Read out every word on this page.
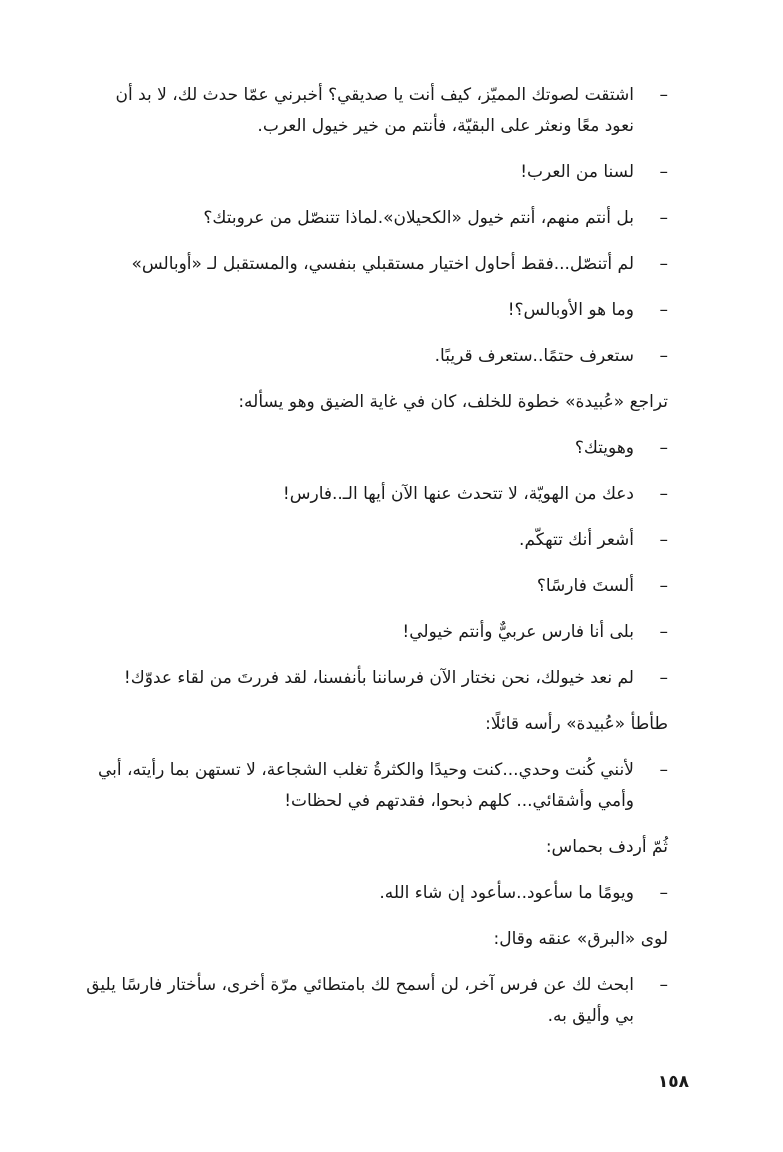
–
اشتقت لصوتك المميّز، كيف أنت يا صديقي؟ أخبرني عمّا حدث لك، لا بد أن نعود معًا ونعثر على البقيّة، فأنتم من خير خيول العرب.

–
لسنا من العرب!

–
بل أنتم منهم، أنتم خيول «الكحيلان».لماذا تتنصّل من عروبتك؟

–
لم أتنصّل...فقط أحاول اختيار مستقبلي بنفسي، والمستقبل لـ «أوبالس»

–
وما هو الأوبالس؟!

–
ستعرف حتمًا..ستعرف قريبًا.

تراجع «عُبيدة» خطوة للخلف، كان في غاية الضيق وهو يسأله:

–
وهويتك؟

–
دعك من الهويّة، لا تتحدث عنها الآن أيها الـ..فارس!

–
أشعر أنك تتهكّم.

–
ألستَ فارسًا؟

–
بلى أنا فارس عربيٌّ وأنتم خيولي!

–
لم نعد خيولك، نحن نختار الآن فرساننا بأنفسنا، لقد فررتَ من لقاء عدوّك!

طأطأ «عُبيدة» رأسه قائلًا:

–
لأنني كُنت وحدي...كنت وحيدًا والكثرةُ تغلب الشجاعة، لا تستهن بما رأيته، أبي وأمي وأشقائي... كلهم ذبحوا، فقدتهم في لحظات!

ثُمّ أردف بحماس:

–
ويومًا ما سأعود..سأعود إن شاء الله.

لوى «البرق» عنقه وقال:

–
ابحث لك عن فرس آخر، لن أسمح لك بامتطائي مرّة أخرى، سأختار فارسًا يليق بي وأليق به.

١٥٨
